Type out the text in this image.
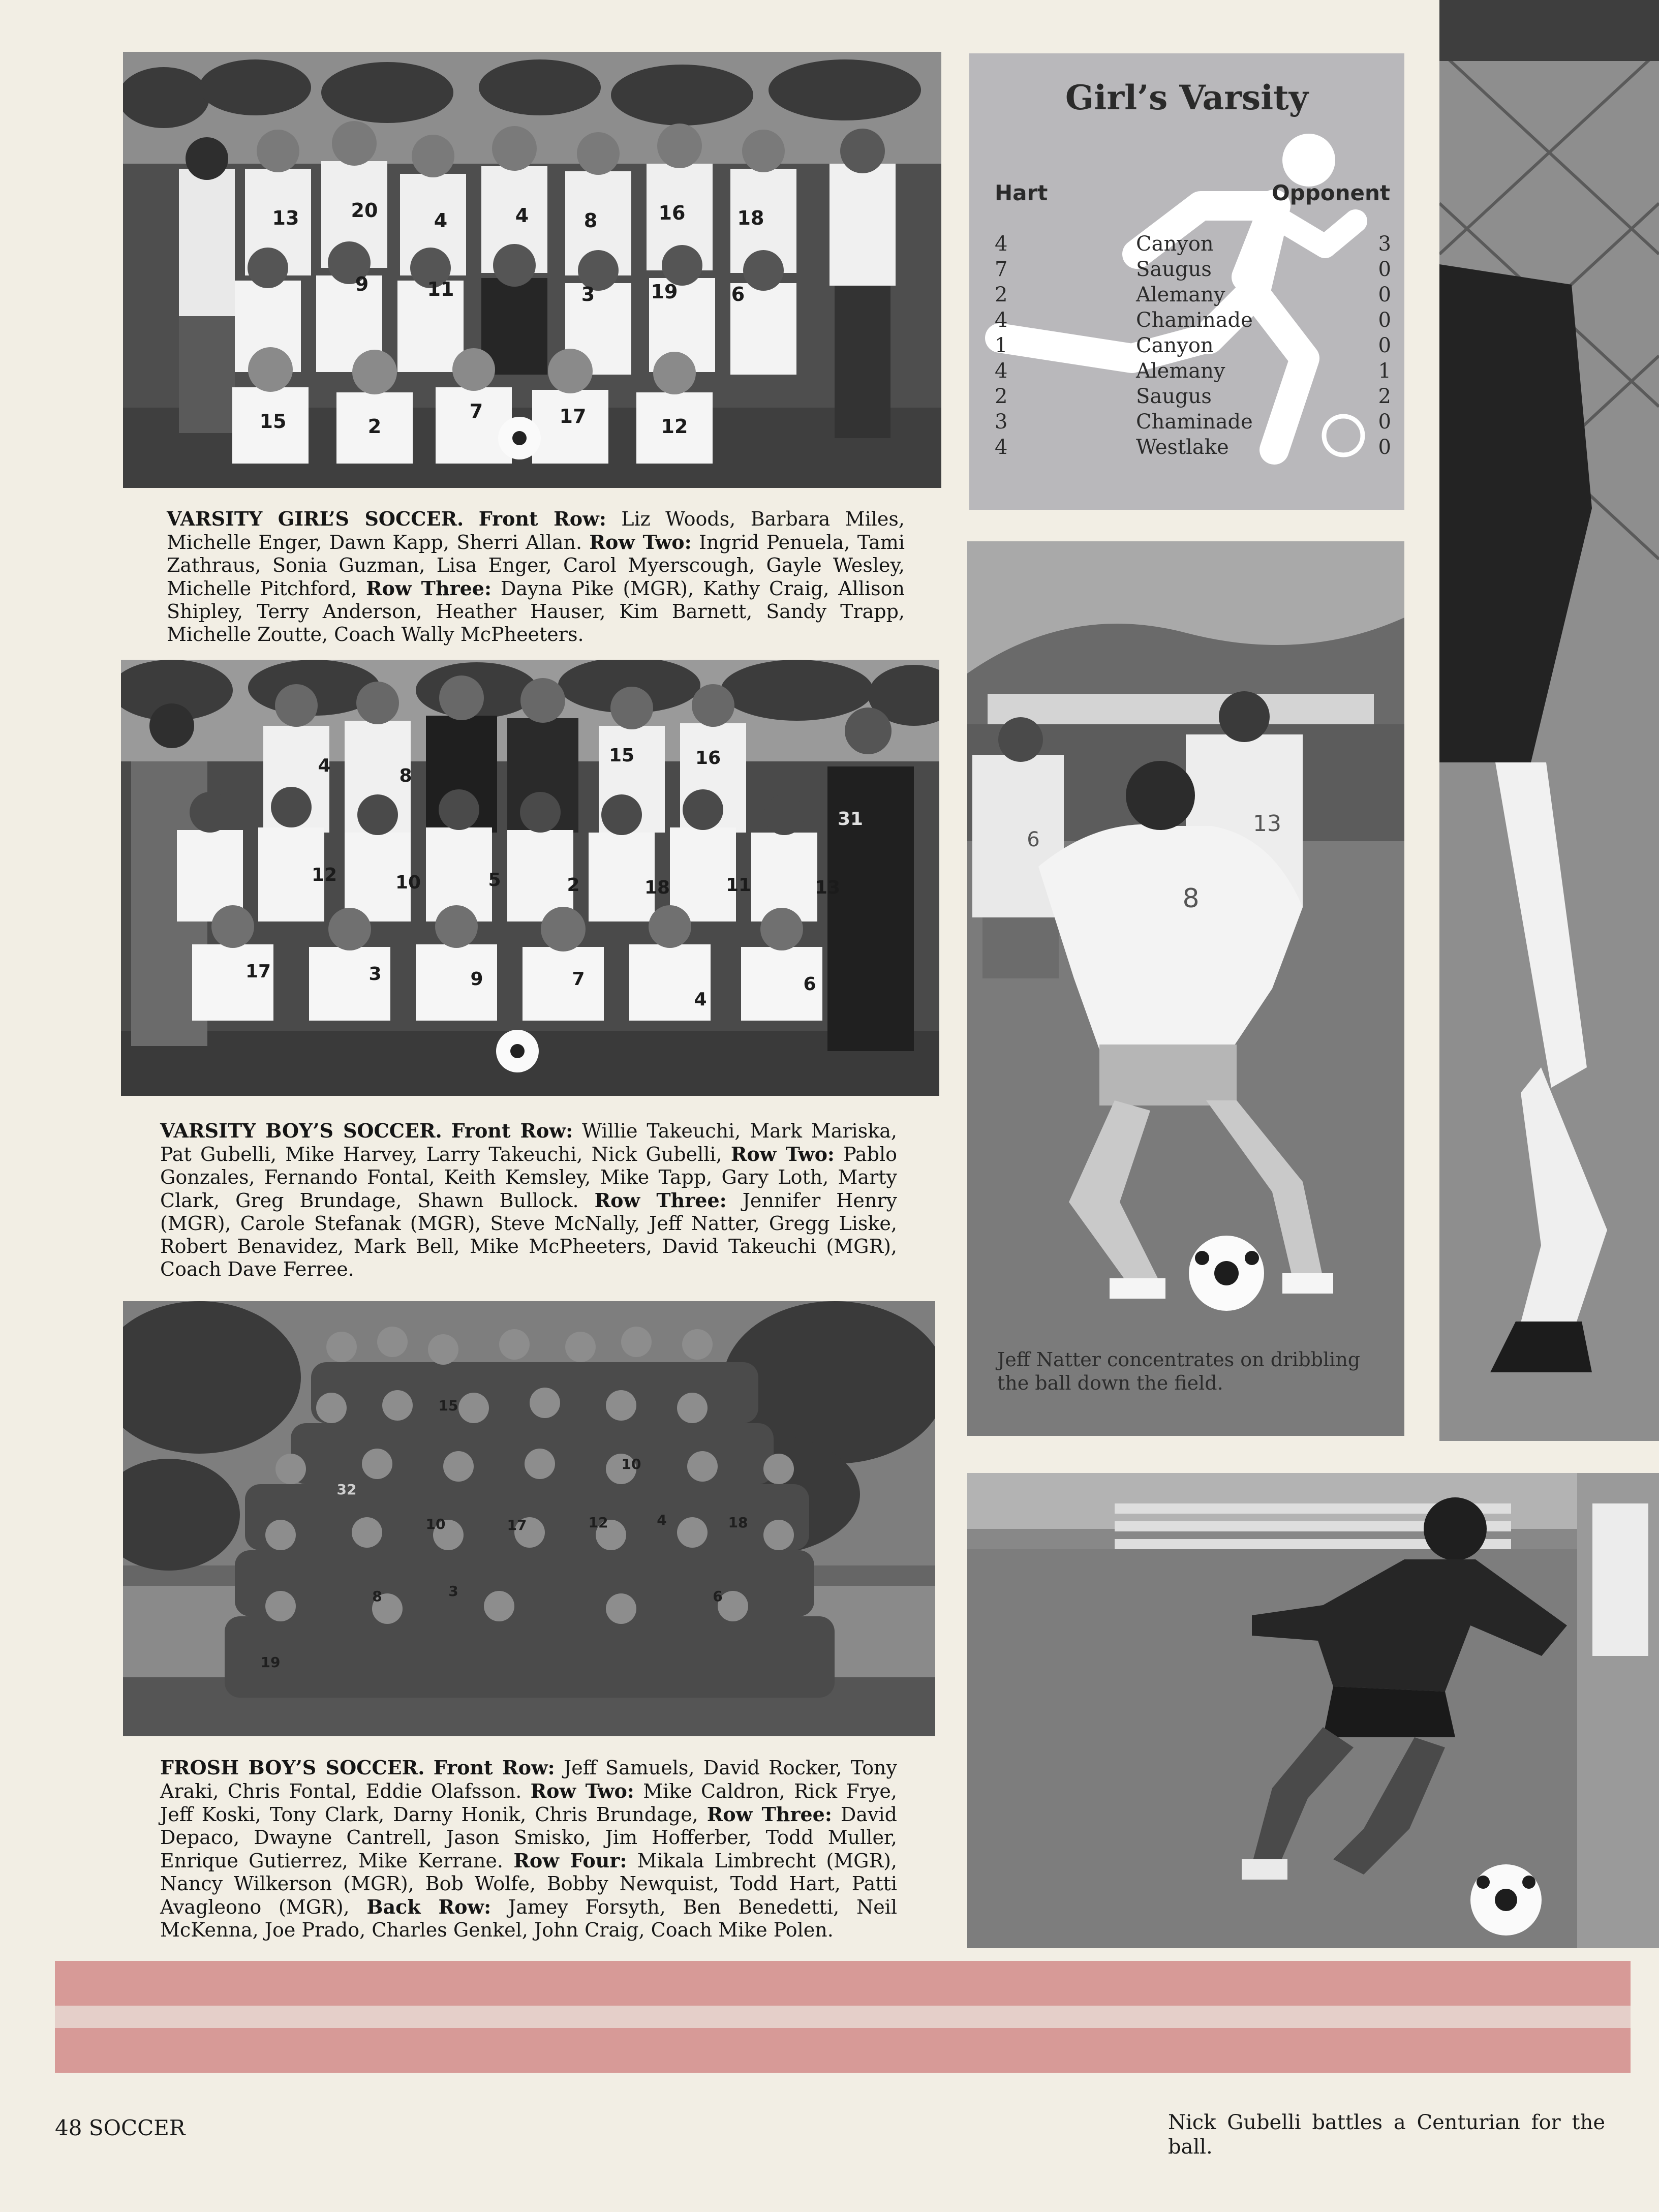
13	20	4	4	8	16	18
9	11	3	19	6
15	2
7	17	12
VARSITY GIRL’S SOCCER. Front Row: Liz Woods, Barbara Miles, Michelle Enger, Dawn Kapp, Sherri Allan. Row Two: Ingrid Penuela, Tami Zathraus, Sonia Guzman, Lisa Enger, Carol Myerscough, Gayle Wesley, Michelle Pitchford, Row Three: Dayna Pike (MGR), Kathy Craig, Allison Shipley, Terry Anderson, Heather Hauser, Kim Barnett, Sandy Trapp, Michelle Zoutte, Coach Wally McPheeters.
4	8
15	16
12	10	5	2	18	11	13
31
17	3	9	7
4
6
VARSITY BOY’S SOCCER. Front Row: Willie Takeuchi, Mark Mariska, Pat Gubelli, Mike Harvey, Larry Takeuchi, Nick Gubelli, Row Two: Pablo Gonzales, Fernando Fontal, Keith Kemsley, Mike Tapp, Gary Loth, Marty Clark, Greg Brundage, Shawn Bullock. Row Three: Jennifer Henry (MGR), Carole Stefanak (MGR), Steve McNally, Jeff Natter, Gregg Liske, Robert Benavidez, Mark Bell, Mike McPheeters, David Takeuchi (MGR), Coach Dave Ferree.
15
10
32
10	17	12	4	18
8	3	6
19
FROSH BOY’S SOCCER. Front Row: Jeff Samuels, David Rocker, Tony Araki, Chris Fontal, Eddie Olafsson. Row Two: Mike Caldron, Rick Frye, Jeff Koski, Tony Clark, Darny Honik, Chris Brundage, Row Three: David Depaco, Dwayne Cantrell, Jason Smisko, Jim Hofferber, Todd Muller, Enrique Gutierrez, Mike Kerrane. Row Four: Mikala Limbrecht (MGR), Nancy Wilkerson (MGR), Bob Wolfe, Bobby Newquist, Todd Hart, Patti Avagleono (MGR), Back Row: Jamey Forsyth, Ben Benedetti, Neil McKenna, Joe Prado, Charles Genkel, John Craig, Coach Mike Polen.
Girl’s Varsity
Hart	Opponent
4	Canyon	3
7	Saugus	0
2	Alemany	0
4	Chaminade	0
1	Canyon	0
4	Alemany	1
2	Saugus	2
3	Chaminade	0
4	Westlake	0
8
13
6
Jeff Natter concentrates on dribbling the ball down the field.
48 SOCCER	Nick Gubelli battles a Centurian for the ball.
